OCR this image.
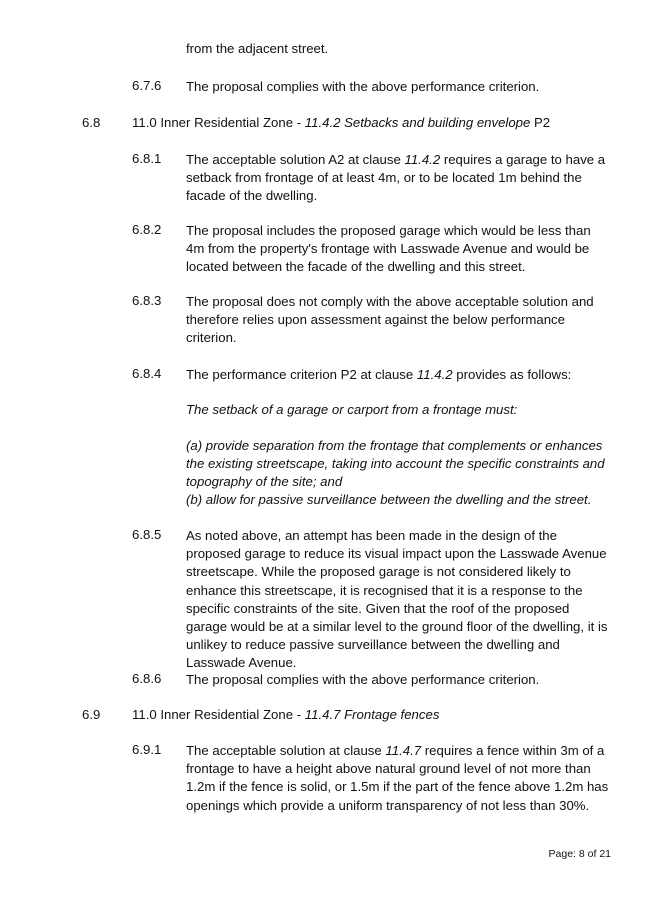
from the adjacent street.
6.7.6 The proposal complies with the above performance criterion.
6.8 11.0 Inner Residential Zone - 11.4.2 Setbacks and building envelope P2
6.8.1 The acceptable solution A2 at clause 11.4.2 requires a garage to have a setback from frontage of at least 4m, or to be located 1m behind the facade of the dwelling.
6.8.2 The proposal includes the proposed garage which would be less than 4m from the property's frontage with Lasswade Avenue and would be located between the facade of the dwelling and this street.
6.8.3 The proposal does not comply with the above acceptable solution and therefore relies upon assessment against the below performance criterion.
6.8.4 The performance criterion P2 at clause 11.4.2 provides as follows:
The setback of a garage or carport from a frontage must:
(a) provide separation from the frontage that complements or enhances the existing streetscape, taking into account the specific constraints and topography of the site; and
(b) allow for passive surveillance between the dwelling and the street.
6.8.5 As noted above, an attempt has been made in the design of the proposed garage to reduce its visual impact upon the Lasswade Avenue streetscape. While the proposed garage is not considered likely to enhance this streetscape, it is recognised that it is a response to the specific constraints of the site. Given that the roof of the proposed garage would be at a similar level to the ground floor of the dwelling, it is unlikey to reduce passive surveillance between the dwelling and Lasswade Avenue.
6.8.6 The proposal complies with the above performance criterion.
6.9 11.0 Inner Residential Zone - 11.4.7 Frontage fences
6.9.1 The acceptable solution at clause 11.4.7 requires a fence within 3m of a frontage to have a height above natural ground level of not more than 1.2m if the fence is solid, or 1.5m if the part of the fence above 1.2m has openings which provide a uniform transparency of not less than 30%.
Page: 8 of 21
